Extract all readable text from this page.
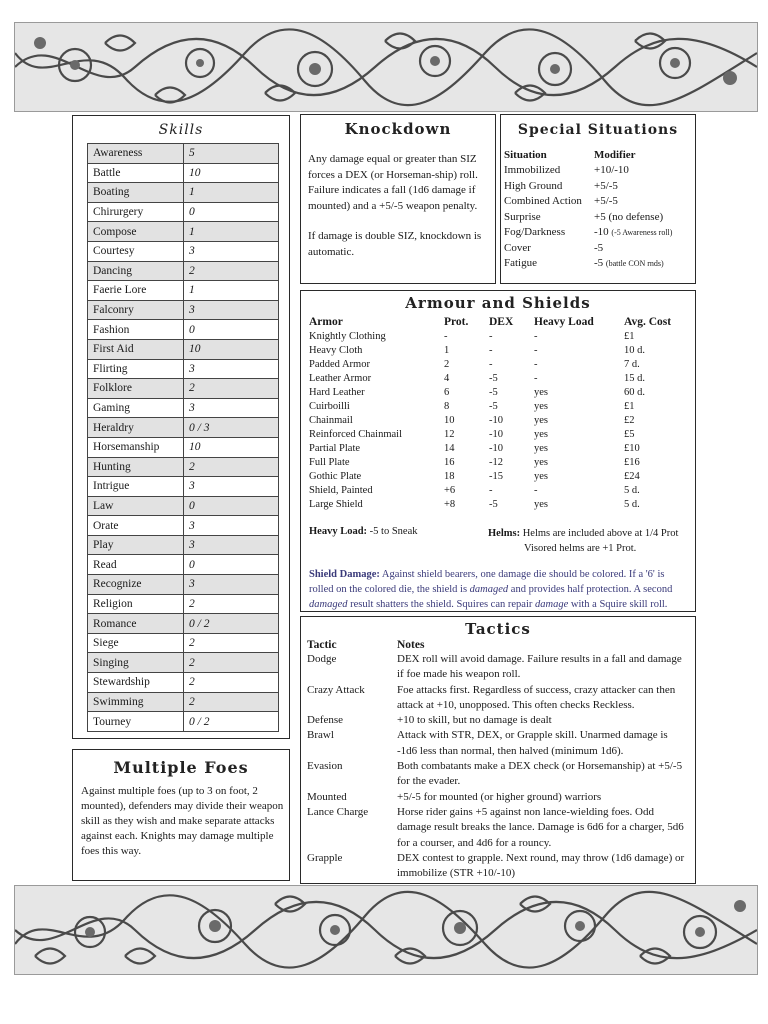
Skills
Awareness	5
Battle	10
Boating	1
Chirurgery	0
Compose	1
Courtesy	3
Dancing	2
Faerie Lore	1
Falconry	3
Fashion	0
First Aid	10
Flirting	3
Folklore	2
Gaming	3
Heraldry	0 / 3
Horsemanship	10
Hunting	2
Intrigue	3
Law	0
Orate	3
Play	3
Read	0
Recognize	3
Religion	2
Romance	0 / 2
Siege	2
Singing	2
Stewardship	2
Swimming	2
Tourney	0 / 2
Multiple Foes

Against multiple foes (up to 3 on foot, 2 mounted), defenders may divide their weapon skill as they wish and make separate attacks against each. Knights may damage multiple foes this way.

Knockdown

Any damage equal or greater than SIZ forces a DEX (or Horseman-ship) roll. Failure indicates a fall (1d6 damage if mounted) and a +5/-5 weapon penalty.

If damage is double SIZ, knockdown is automatic.

Special Situations
Situation	Modifier
Immobilized	+10/-10
High Ground	+5/-5
Combined Action	+5/-5
Surprise	+5 (no defense)
Fog/Darkness	-10 (-5 Awareness roll)
Cover	-5
Fatigue	-5 (battle CON rnds)
Armour and Shields
Armor	Prot.	DEX	Heavy Load	Avg. Cost
Knightly Clothing	-	-	-	£1
Heavy Cloth	1	-	-	10 d.
Padded Armor	2	-	-	7 d.
Leather Armor	4	-5	-	15 d.
Hard Leather	6	-5	yes	60 d.
Cuirboilli	8	-5	yes	£1
Chainmail	10	-10	yes	£2
Reinforced Chainmail	12	-10	yes	£5
Partial Plate	14	-10	yes	£10
Full Plate	16	-12	yes	£16
Gothic Plate	18	-15	yes	£24
Shield, Painted	+6	-	-	5 d.
Large Shield	+8	-5	yes	5 d.
Heavy Load: -5 to Sneak	Helms: Helms are included above at 1/4 Prot
Visored helms are +1 Prot.
Shield Damage: Against shield bearers, one damage die should be colored. If a '6' is rolled on the colored die, the shield is damaged and provides half protection. A second damaged result shatters the shield. Squires can repair damage with a Squire skill roll.
Tactics
Tactic	Notes
Dodge	DEX roll will avoid damage. Failure results in a fall and damage if foe made his weapon roll.
Crazy Attack	Foe attacks first. Regardless of success, crazy attacker can then attack at +10, unopposed. This often checks Reckless.
Defense	+10 to skill, but no damage is dealt
Brawl	Attack with STR, DEX, or Grapple skill. Unarmed damage is -1d6 less than normal, then halved (minimum 1d6).
Evasion	Both combatants make a DEX check (or Horsemanship) at +5/-5 for the evader.
Mounted	+5/-5 for mounted (or higher ground) warriors
Lance Charge	Horse rider gains +5 against non lance-wielding foes. Odd damage result breaks the lance. Damage is 6d6 for a charger, 5d6 for a courser, and 4d6 for a rouncy.
Grapple	DEX contest to grapple. Next round, may throw (1d6 damage) or immobilize (STR +10/-10)
